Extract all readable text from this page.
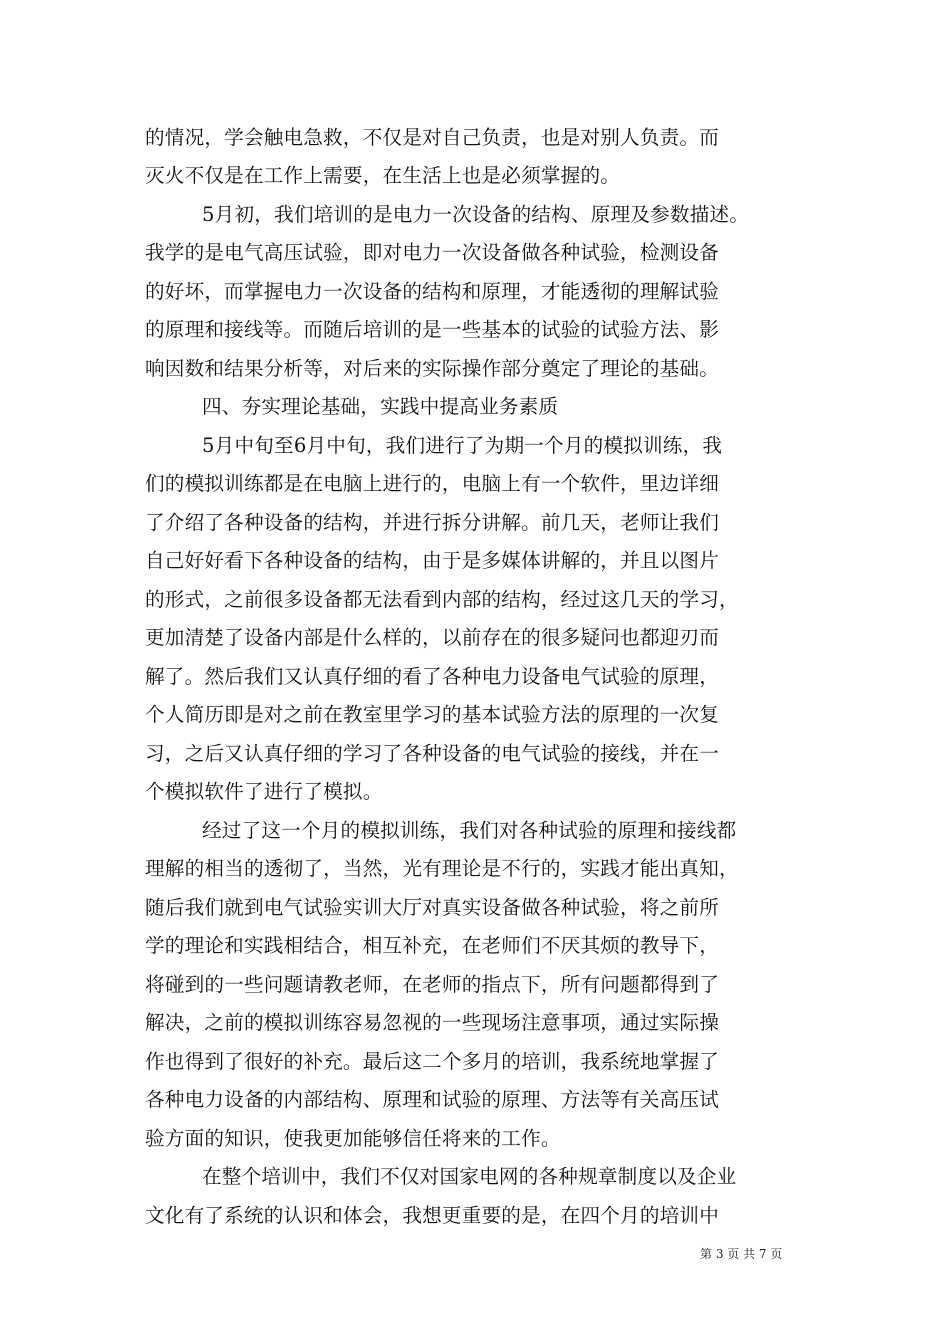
的情况，学会触电急救，不仅是对自己负责，也是对别人负责。而
灭火不仅是在工作上需要，在生活上也是必须掌握的。
5月初，我们培训的是电力一次设备的结构、原理及参数描述。
我学的是电气高压试验，即对电力一次设备做各种试验，检测设备
的好坏，而掌握电力一次设备的结构和原理，才能透彻的理解试验
的原理和接线等。而随后培训的是一些基本的试验的试验方法、影
响因数和结果分析等，对后来的实际操作部分奠定了理论的基础。
四、夯实理论基础，实践中提高业务素质
5月中旬至6月中旬，我们进行了为期一个月的模拟训练，我
们的模拟训练都是在电脑上进行的，电脑上有一个软件，里边详细
了介绍了各种设备的结构，并进行拆分讲解。前几天，老师让我们
自己好好看下各种设备的结构，由于是多媒体讲解的，并且以图片
的形式，之前很多设备都无法看到内部的结构，经过这几天的学习，
更加清楚了设备内部是什么样的，以前存在的很多疑问也都迎刃而
解了。然后我们又认真仔细的看了各种电力设备电气试验的原理，
个人简历即是对之前在教室里学习的基本试验方法的原理的一次复
习，之后又认真仔细的学习了各种设备的电气试验的接线，并在一
个模拟软件了进行了模拟。
经过了这一个月的模拟训练，我们对各种试验的原理和接线都
理解的相当的透彻了，当然，光有理论是不行的，实践才能出真知，
随后我们就到电气试验实训大厅对真实设备做各种试验，将之前所
学的理论和实践相结合，相互补充，在老师们不厌其烦的教导下，
将碰到的一些问题请教老师，在老师的指点下，所有问题都得到了
解决，之前的模拟训练容易忽视的一些现场注意事项，通过实际操
作也得到了很好的补充。最后这二个多月的培训，我系统地掌握了
各种电力设备的内部结构、原理和试验的原理、方法等有关高压试
验方面的知识，使我更加能够信任将来的工作。
在整个培训中，我们不仅对国家电网的各种规章制度以及企业
文化有了系统的认识和体会，我想更重要的是，在四个月的培训中
第 3 页 共 7 页
